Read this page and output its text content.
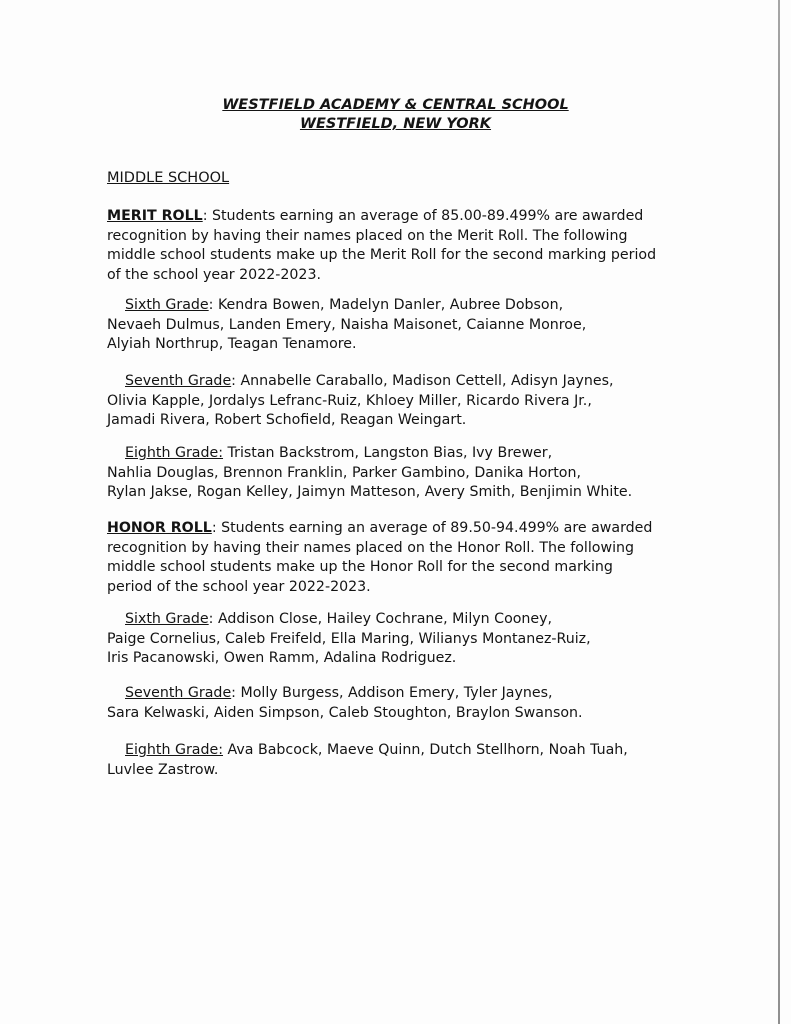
WESTFIELD ACADEMY & CENTRAL SCHOOL
WESTFIELD, NEW YORK
MIDDLE SCHOOL

MERIT ROLL: Students earning an average of 85.00-89.499% are awarded
recognition by having their names placed on the Merit Roll. The following
middle school students make up the Merit Roll for the second marking period
of the school year 2022-2023.

Sixth Grade: Kendra Bowen, Madelyn Danler, Aubree Dobson,
Nevaeh Dulmus, Landen Emery, Naisha Maisonet, Caianne Monroe,
Alyiah Northrup, Teagan Tenamore.

Seventh Grade: Annabelle Caraballo, Madison Cettell, Adisyn Jaynes,
Olivia Kapple, Jordalys Lefranc-Ruiz, Khloey Miller, Ricardo Rivera Jr.,
Jamadi Rivera, Robert Schofield, Reagan Weingart.

Eighth Grade: Tristan Backstrom, Langston Bias, Ivy Brewer,
Nahlia Douglas, Brennon Franklin, Parker Gambino, Danika Horton,
Rylan Jakse, Rogan Kelley, Jaimyn Matteson, Avery Smith, Benjimin White.

HONOR ROLL: Students earning an average of 89.50-94.499% are awarded
recognition by having their names placed on the Honor Roll. The following
middle school students make up the Honor Roll for the second marking
period of the school year 2022-2023.

Sixth Grade: Addison Close, Hailey Cochrane, Milyn Cooney,
Paige Cornelius, Caleb Freifeld, Ella Maring, Wilianys Montanez-Ruiz,
Iris Pacanowski, Owen Ramm, Adalina Rodriguez.

Seventh Grade: Molly Burgess, Addison Emery, Tyler Jaynes,
Sara Kelwaski, Aiden Simpson, Caleb Stoughton, Braylon Swanson.

Eighth Grade: Ava Babcock, Maeve Quinn, Dutch Stellhorn, Noah Tuah,
Luvlee Zastrow.
